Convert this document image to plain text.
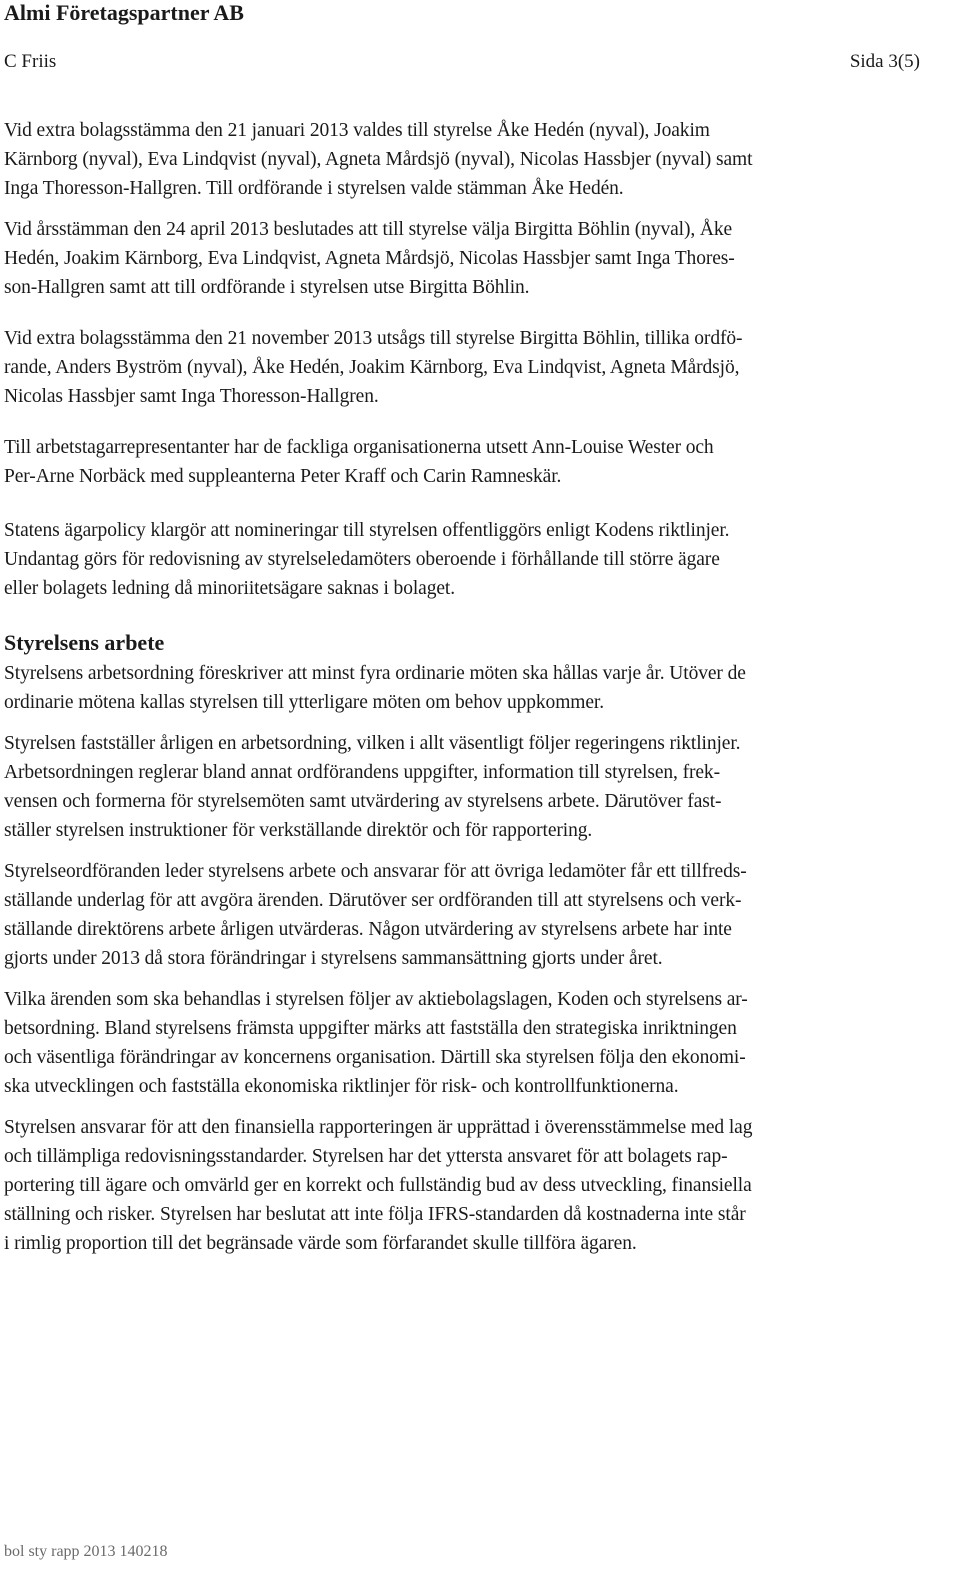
Almi Företagspartner AB
C Friis	Sida 3(5)

Vid extra bolagsstämma den 21 januari 2013 valdes till styrelse Åke Hedén (nyval), Joakim
Kärnborg (nyval), Eva Lindqvist (nyval), Agneta Mårdsjö (nyval), Nicolas Hassbjer (nyval) samt
Inga Thoresson-Hallgren. Till ordförande i styrelsen valde stämman Åke Hedén.

Vid årsstämman den 24 april 2013 beslutades att till styrelse välja Birgitta Böhlin (nyval), Åke
Hedén, Joakim Kärnborg, Eva Lindqvist, Agneta Mårdsjö, Nicolas Hassbjer samt Inga Thores-
son-Hallgren samt att till ordförande i styrelsen utse Birgitta Böhlin.

Vid extra bolagsstämma den 21 november 2013 utsågs till styrelse Birgitta Böhlin, tillika ordfö-
rande, Anders Byström (nyval), Åke Hedén, Joakim Kärnborg, Eva Lindqvist, Agneta Mårdsjö,
Nicolas Hassbjer samt Inga Thoresson-Hallgren.

Till arbetstagarrepresentanter har de fackliga organisationerna utsett Ann-Louise Wester och
Per-Arne Norbäck med suppleanterna Peter Kraff och Carin Ramneskär.

Statens ägarpolicy klargör att nomineringar till styrelsen offentliggörs enligt Kodens riktlinjer.
Undantag görs för redovisning av styrelseledamöters oberoende i förhållande till större ägare
eller bolagets ledning då minoriitetsägare saknas i bolaget.

Styrelsens arbete

Styrelsens arbetsordning föreskriver att minst fyra ordinarie möten ska hållas varje år. Utöver de
ordinarie mötena kallas styrelsen till ytterligare möten om behov uppkommer.

Styrelsen fastställer årligen en arbetsordning, vilken i allt väsentligt följer regeringens riktlinjer.
Arbetsordningen reglerar bland annat ordförandens uppgifter, information till styrelsen, frek-
vensen och formerna för styrelsemöten samt utvärdering av styrelsens arbete. Därutöver fast-
ställer styrelsen instruktioner för verkställande direktör och för rapportering.

Styrelseordföranden leder styrelsens arbete och ansvarar för att övriga ledamöter får ett tillfreds-
ställande underlag för att avgöra ärenden. Därutöver ser ordföranden till att styrelsens och verk-
ställande direktörens arbete årligen utvärderas. Någon utvärdering av styrelsens arbete har inte
gjorts under 2013 då stora förändringar i styrelsens sammansättning gjorts under året.

Vilka ärenden som ska behandlas i styrelsen följer av aktiebolagslagen, Koden och styrelsens ar-
betsordning. Bland styrelsens främsta uppgifter märks att fastställa den strategiska inriktningen
och väsentliga förändringar av koncernens organisation. Därtill ska styrelsen följa den ekonomi-
ska utvecklingen och fastställa ekonomiska riktlinjer för risk- och kontrollfunktionerna.

Styrelsen ansvarar för att den finansiella rapporteringen är upprättad i överensstämmelse med lag
och tillämpliga redovisningsstandarder. Styrelsen har det yttersta ansvaret för att bolagets rap-
portering till ägare och omvärld ger en korrekt och fullständig bud av dess utveckling, finansiella
ställning och risker. Styrelsen har beslutat att inte följa IFRS-standarden då kostnaderna inte står
i rimlig proportion till det begränsade värde som förfarandet skulle tillföra ägaren.

bol sty rapp 2013 140218
